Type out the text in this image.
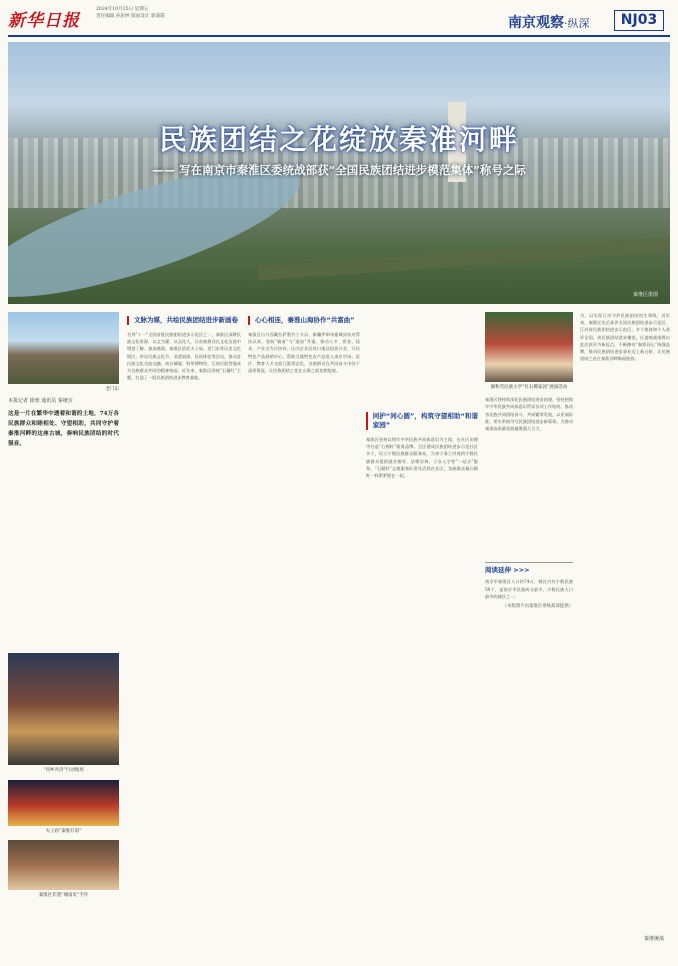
新华日报
2024年10月25日 星期五
责任编辑 孙思婷 版面设计 郭凌霞	南京观察·纵深	NJ03
民族团结之花绽放秦淮河畔
—— 写在南京市秦淮区委统战部获“全国民族团结进步模范集体”称号之际
秦淮区供图
老门东
本报记者 徐蓉 通讯员 秦统宣
这是一片在繁华中透着和谐的土地，74万各民族群众和睦相处、守望相助，共同守护着秦淮河畔的这座古城，奏响民族团结的时代强音。
“同乡共济”行动现场
夫子庙“秦淮灯彩”
秦淮区非遗“城南皮”手作
文脉为媒，共绘民族团结进步新画卷
名列“十一”全国首批民族团结进步示范区之一，秦淮区深耕民族文化资源，以文为媒、以文化人，让各族群众在文化交流中增进了解、加深感情。秦淮区依托夫子庙、老门东等历史文化街区，举办民族文化节、非遗展演、民俗体验等活动，推动各民族文化交流交融。南京城墙、科举博物馆、江南贡院等地成为各族群众共同的精神家园。近年来，秦淮区围绕“石榴红”主题，打造了一批民族团结进步教育基地。
心心相连，秦淮山海协作“共富曲”
秦淮区自与西藏拉萨墨竹工卡县、新疆伊犁州霍城县结对帮扶以来，坚持“输血”与“造血”并重，推动人才、资金、技术、产业全方位协作。区内企业赴对口地区投资兴业，开设特色产品展销中心，帮助当地特色农产品进入南京市场。医疗、教育人才交流互派常态化，各族群众在共同奋斗中结下深厚情谊，让民族团结之花在山海之间竞相绽放。
同护“同心圆”，构筑守望相助“和谐家园”
秦淮区坚持以铸牢中华民族共同体意识为主线，在社区治理中打造“石榴籽”服务品牌。全区建成民族团结进步示范社区多个，设立少数民族群众服务站，为来宁务工经商的少数民族群众提供就业指导、法律咨询、子女入学等“一站式”服务。“石榴籽”志愿服务队常年活跃在社区，各族群众像石榴籽一样紧紧抱在一起。
颐和雪民族小学“红石榴家园”展演活动
秦淮区将持续深化民族团结进步创建，坚持把铸牢中华民族共同体意识贯穿各项工作始终，推动各民族共同团结奋斗、共同繁荣发展，以更高标准、更实举措书写民族团结进步新篇章，为推动秦淮高质量发展凝聚强大合力。
阅读延伸 >>>
南京市秦淮区人口约74万，辖区内有少数民族50个，是南京市民族成分最多、少数民族人口最多的城区之一。
（本版图片由秦淮区委统战部提供）
为，以实际行动守护民族团结的生命线。近年来，秦淮区先后获评全国民族团结进步示范区、江苏省民族团结进步示范区，多个集体和个人获评全国、省民族团结进步模范。区委统战部将以此次获评为新起点，不断擦亮“秦淮同心”统战品牌，推动民族团结进步事业迈上新台阶，让民族团结之花在秦淮河畔绚丽绽放。
秦淮统战
